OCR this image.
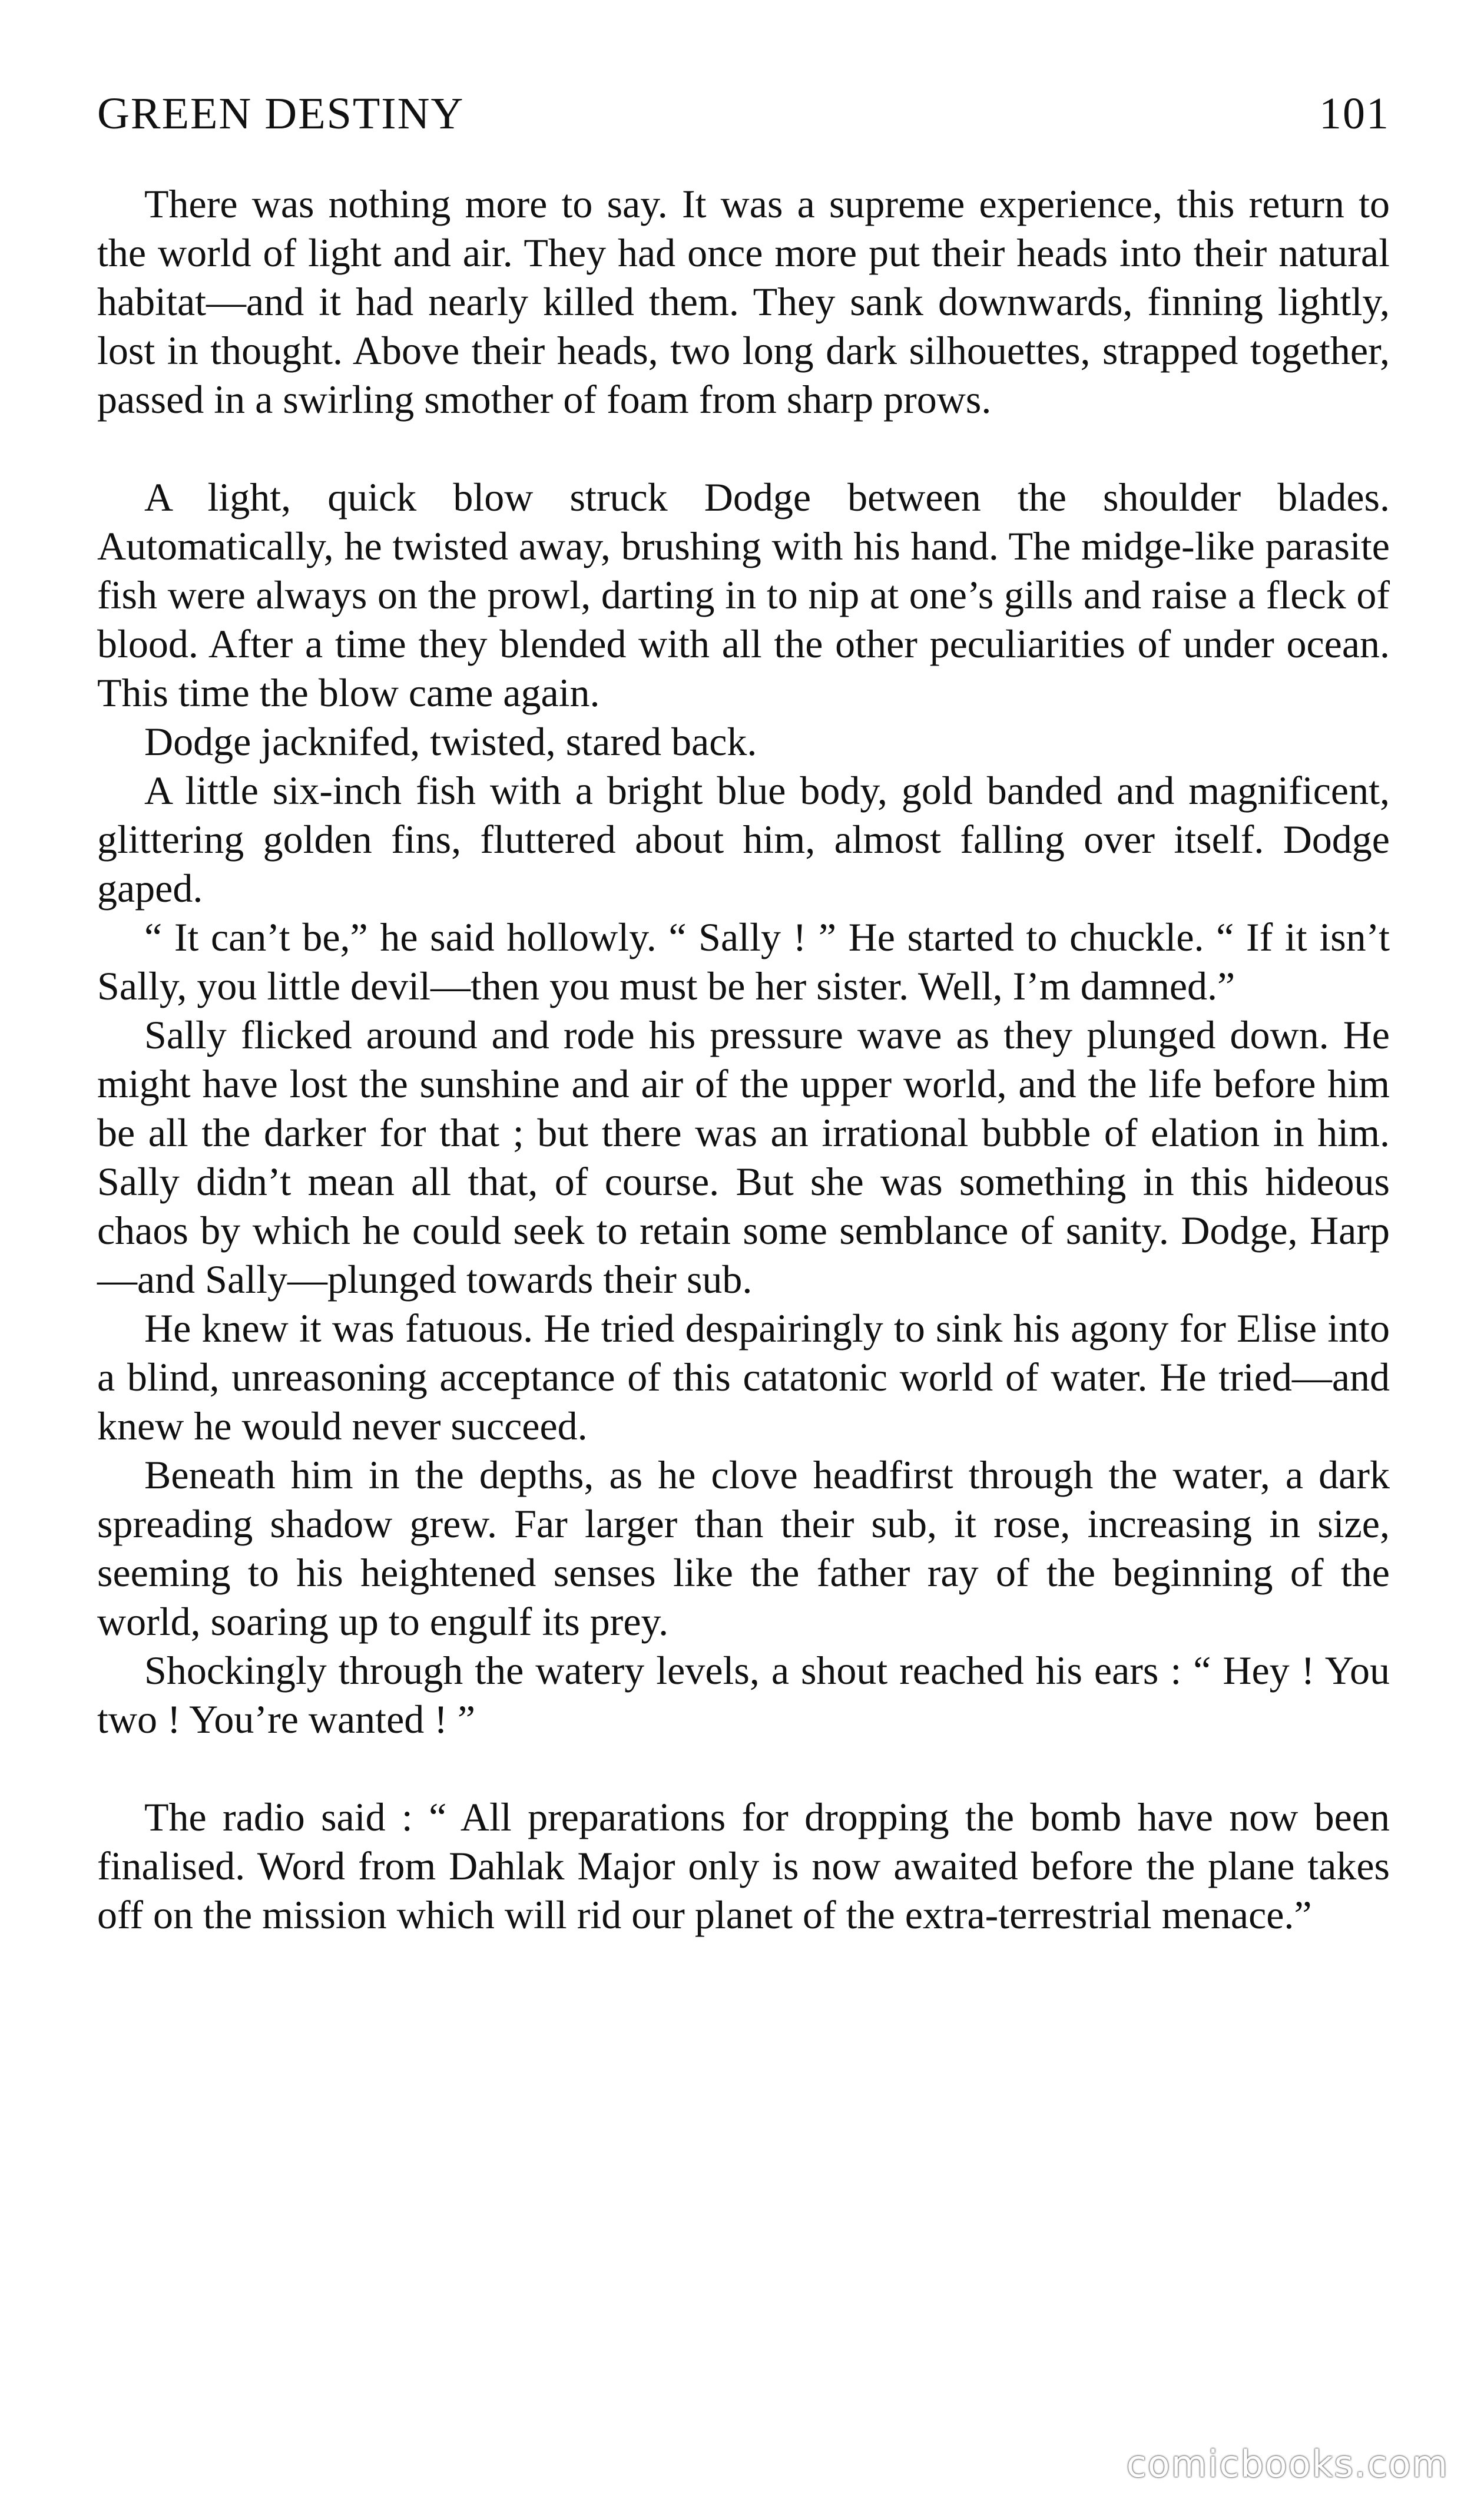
GREEN DESTINY	101

There was nothing more to say. It was a supreme experience, this return to the world of light and air. They had once more put their heads into their natural habitat—and it had nearly killed them. They sank downwards, finning lightly, lost in thought. Above their heads, two long dark silhouettes, strapped together, passed in a swirling smother of foam from sharp prows.

A light, quick blow struck Dodge between the shoulder blades. Automatically, he twisted away, brushing with his hand. The midge-like parasite fish were always on the prowl, darting in to nip at one’s gills and raise a fleck of blood. After a time they blended with all the other peculiarities of under ocean. This time the blow came again.

Dodge jacknifed, twisted, stared back.

A little six-inch fish with a bright blue body, gold banded and magnificent, glittering golden fins, fluttered about him, almost falling over itself. Dodge gaped.

“ It can’t be,” he said hollowly. “ Sally ! ” He started to chuckle. “ If it isn’t Sally, you little devil—then you must be her sister. Well, I’m damned.”

Sally flicked around and rode his pressure wave as they plunged down. He might have lost the sunshine and air of the upper world, and the life before him be all the darker for that ; but there was an irrational bubble of elation in him. Sally didn’t mean all that, of course. But she was something in this hideous chaos by which he could seek to retain some semblance of sanity. Dodge, Harp—and Sally—plunged towards their sub.

He knew it was fatuous. He tried despairingly to sink his agony for Elise into a blind, unreasoning acceptance of this catatonic world of water. He tried—and knew he would never succeed.

Beneath him in the depths, as he clove headfirst through the water, a dark spreading shadow grew. Far larger than their sub, it rose, increasing in size, seeming to his heightened senses like the father ray of the beginning of the world, soaring up to engulf its prey.

Shockingly through the watery levels, a shout reached his ears : “ Hey ! You two ! You’re wanted ! ”

The radio said : “ All preparations for dropping the bomb have now been finalised. Word from Dahlak Major only is now awaited before the plane takes off on the mission which will rid our planet of the extra-terrestrial menace.”

comicbooks.com
